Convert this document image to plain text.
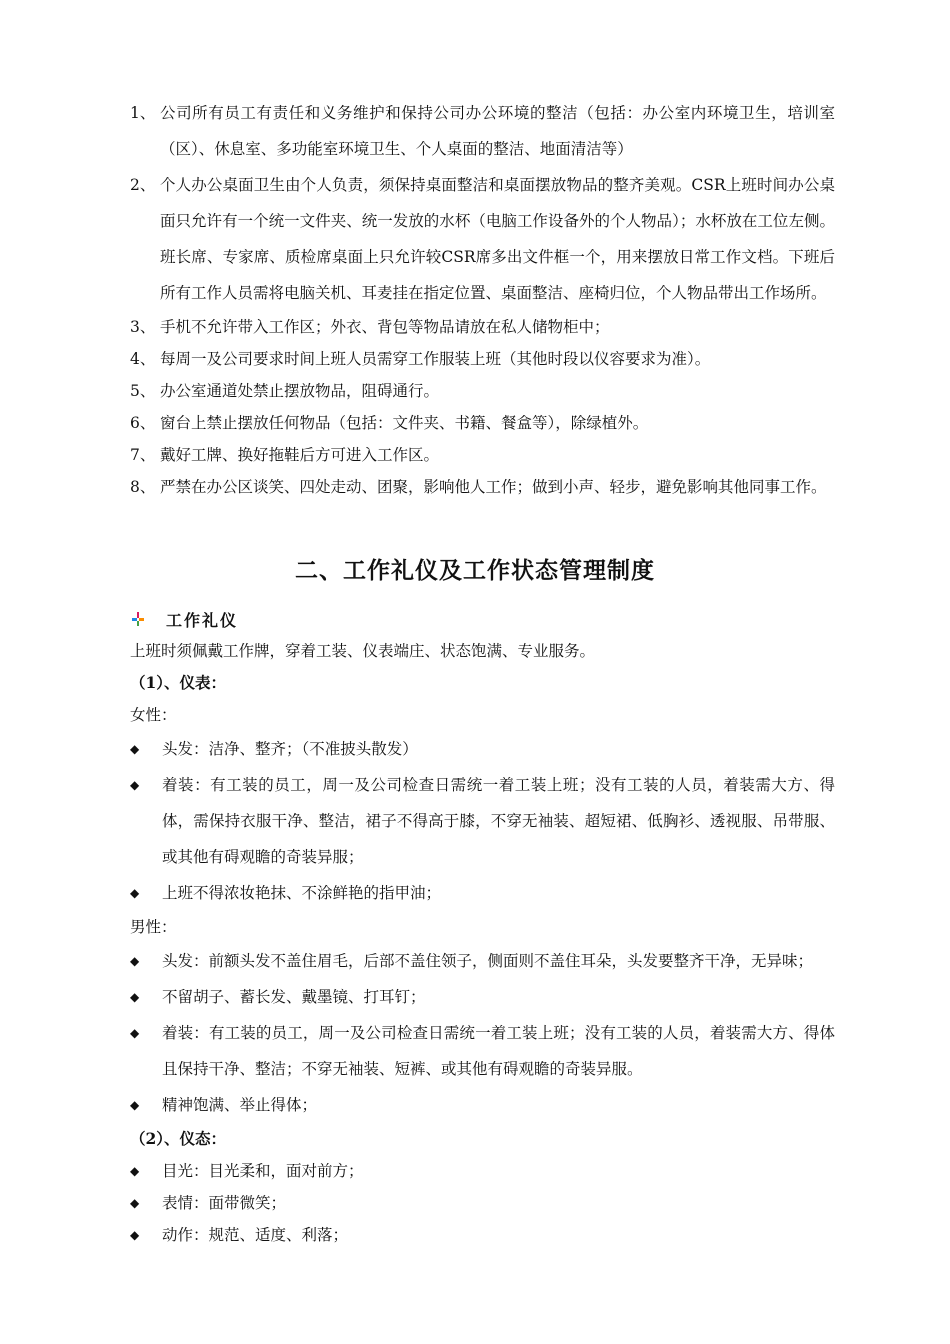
1、 公司所有员工有责任和义务维护和保持公司办公环境的整洁（包括：办公室内环境卫生，培训室（区）、休息室、多功能室环境卫生、个人桌面的整洁、地面清洁等）
2、 个人办公桌面卫生由个人负责，须保持桌面整洁和桌面摆放物品的整齐美观。CSR上班时间办公桌面只允许有一个统一文件夹、统一发放的水杯（电脑工作设备外的个人物品）；水杯放在工位左侧。班长席、专家席、质检席桌面上只允许较CSR席多出文件框一个，用来摆放日常工作文档。下班后所有工作人员需将电脑关机、耳麦挂在指定位置、桌面整洁、座椅归位，个人物品带出工作场所。
3、 手机不允许带入工作区；外衣、背包等物品请放在私人储物柜中；
4、 每周一及公司要求时间上班人员需穿工作服装上班（其他时段以仪容要求为准）。
5、 办公室通道处禁止摆放物品，阻碍通行。
6、 窗台上禁止摆放任何物品（包括：文件夹、书籍、餐盒等），除绿植外。
7、 戴好工牌、换好拖鞋后方可进入工作区。
8、 严禁在办公区谈笑、四处走动、团聚，影响他人工作；做到小声、轻步，避免影响其他同事工作。
二、工作礼仪及工作状态管理制度
工作礼仪
上班时须佩戴工作牌，穿着工装、仪表端庄、状态饱满、专业服务。
（1）、仪表：
女性：
◆	头发：洁净、整齐；（不准披头散发）
◆	着装：有工装的员工，周一及公司检查日需统一着工装上班；没有工装的人员，着装需大方、得体，需保持衣服干净、整洁，裙子不得高于膝，不穿无袖装、超短裙、低胸衫、透视服、吊带服、或其他有碍观瞻的奇装异服；
◆	上班不得浓妆艳抹、不涂鲜艳的指甲油；
男性：
◆	头发：前额头发不盖住眉毛，后部不盖住领子，侧面则不盖住耳朵，头发要整齐干净，无异味；
◆	不留胡子、蓄长发、戴墨镜、打耳钉；
◆	着装：有工装的员工，周一及公司检查日需统一着工装上班；没有工装的人员，着装需大方、得体且保持干净、整洁；不穿无袖装、短裤、或其他有碍观瞻的奇装异服。
◆	精神饱满、举止得体；
（2）、仪态：
◆	目光：目光柔和，面对前方；
◆	表情：面带微笑；
◆	动作：规范、适度、利落；
